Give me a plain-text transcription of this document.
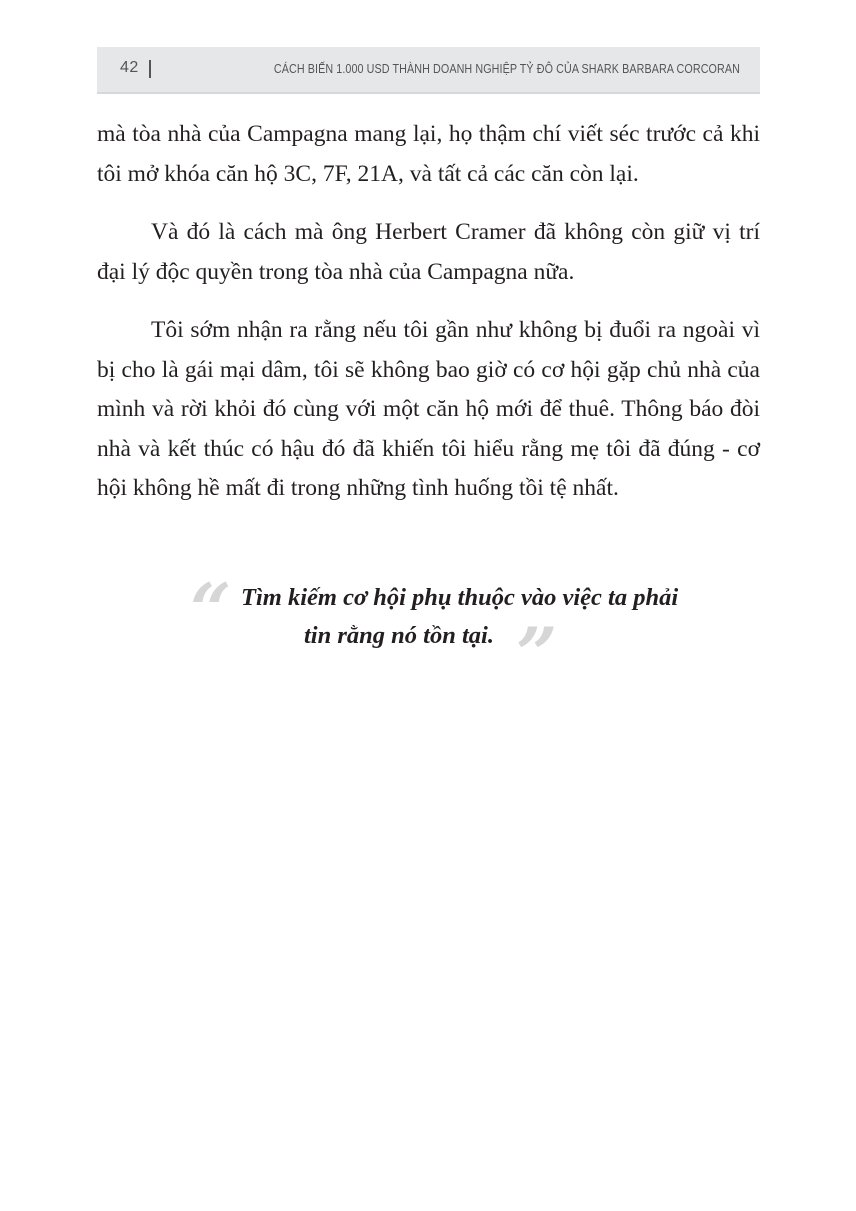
42	CÁCH BIẾN 1.000 USD THÀNH DOANH NGHIỆP TỶ ĐÔ CỦA SHARK BARBARA CORCORAN

mà tòa nhà của Campagna mang lại, họ thậm chí viết séc trước cả khi tôi mở khóa căn hộ 3C, 7F, 21A, và tất cả các căn còn lại.

Và đó là cách mà ông Herbert Cramer đã không còn giữ vị trí đại lý độc quyền trong tòa nhà của Campagna nữa.

Tôi sớm nhận ra rằng nếu tôi gần như không bị đuổi ra ngoài vì bị cho là gái mại dâm, tôi sẽ không bao giờ có cơ hội gặp chủ nhà của mình và rời khỏi đó cùng với một căn hộ mới để thuê. Thông báo đòi nhà và kết thúc có hậu đó đã khiến tôi hiểu rằng mẹ tôi đã đúng - cơ hội không hề mất đi trong những tình huống tồi tệ nhất.

“ Tìm kiếm cơ hội phụ thuộc vào việc ta phải

tin rằng nó tồn tại. ”
